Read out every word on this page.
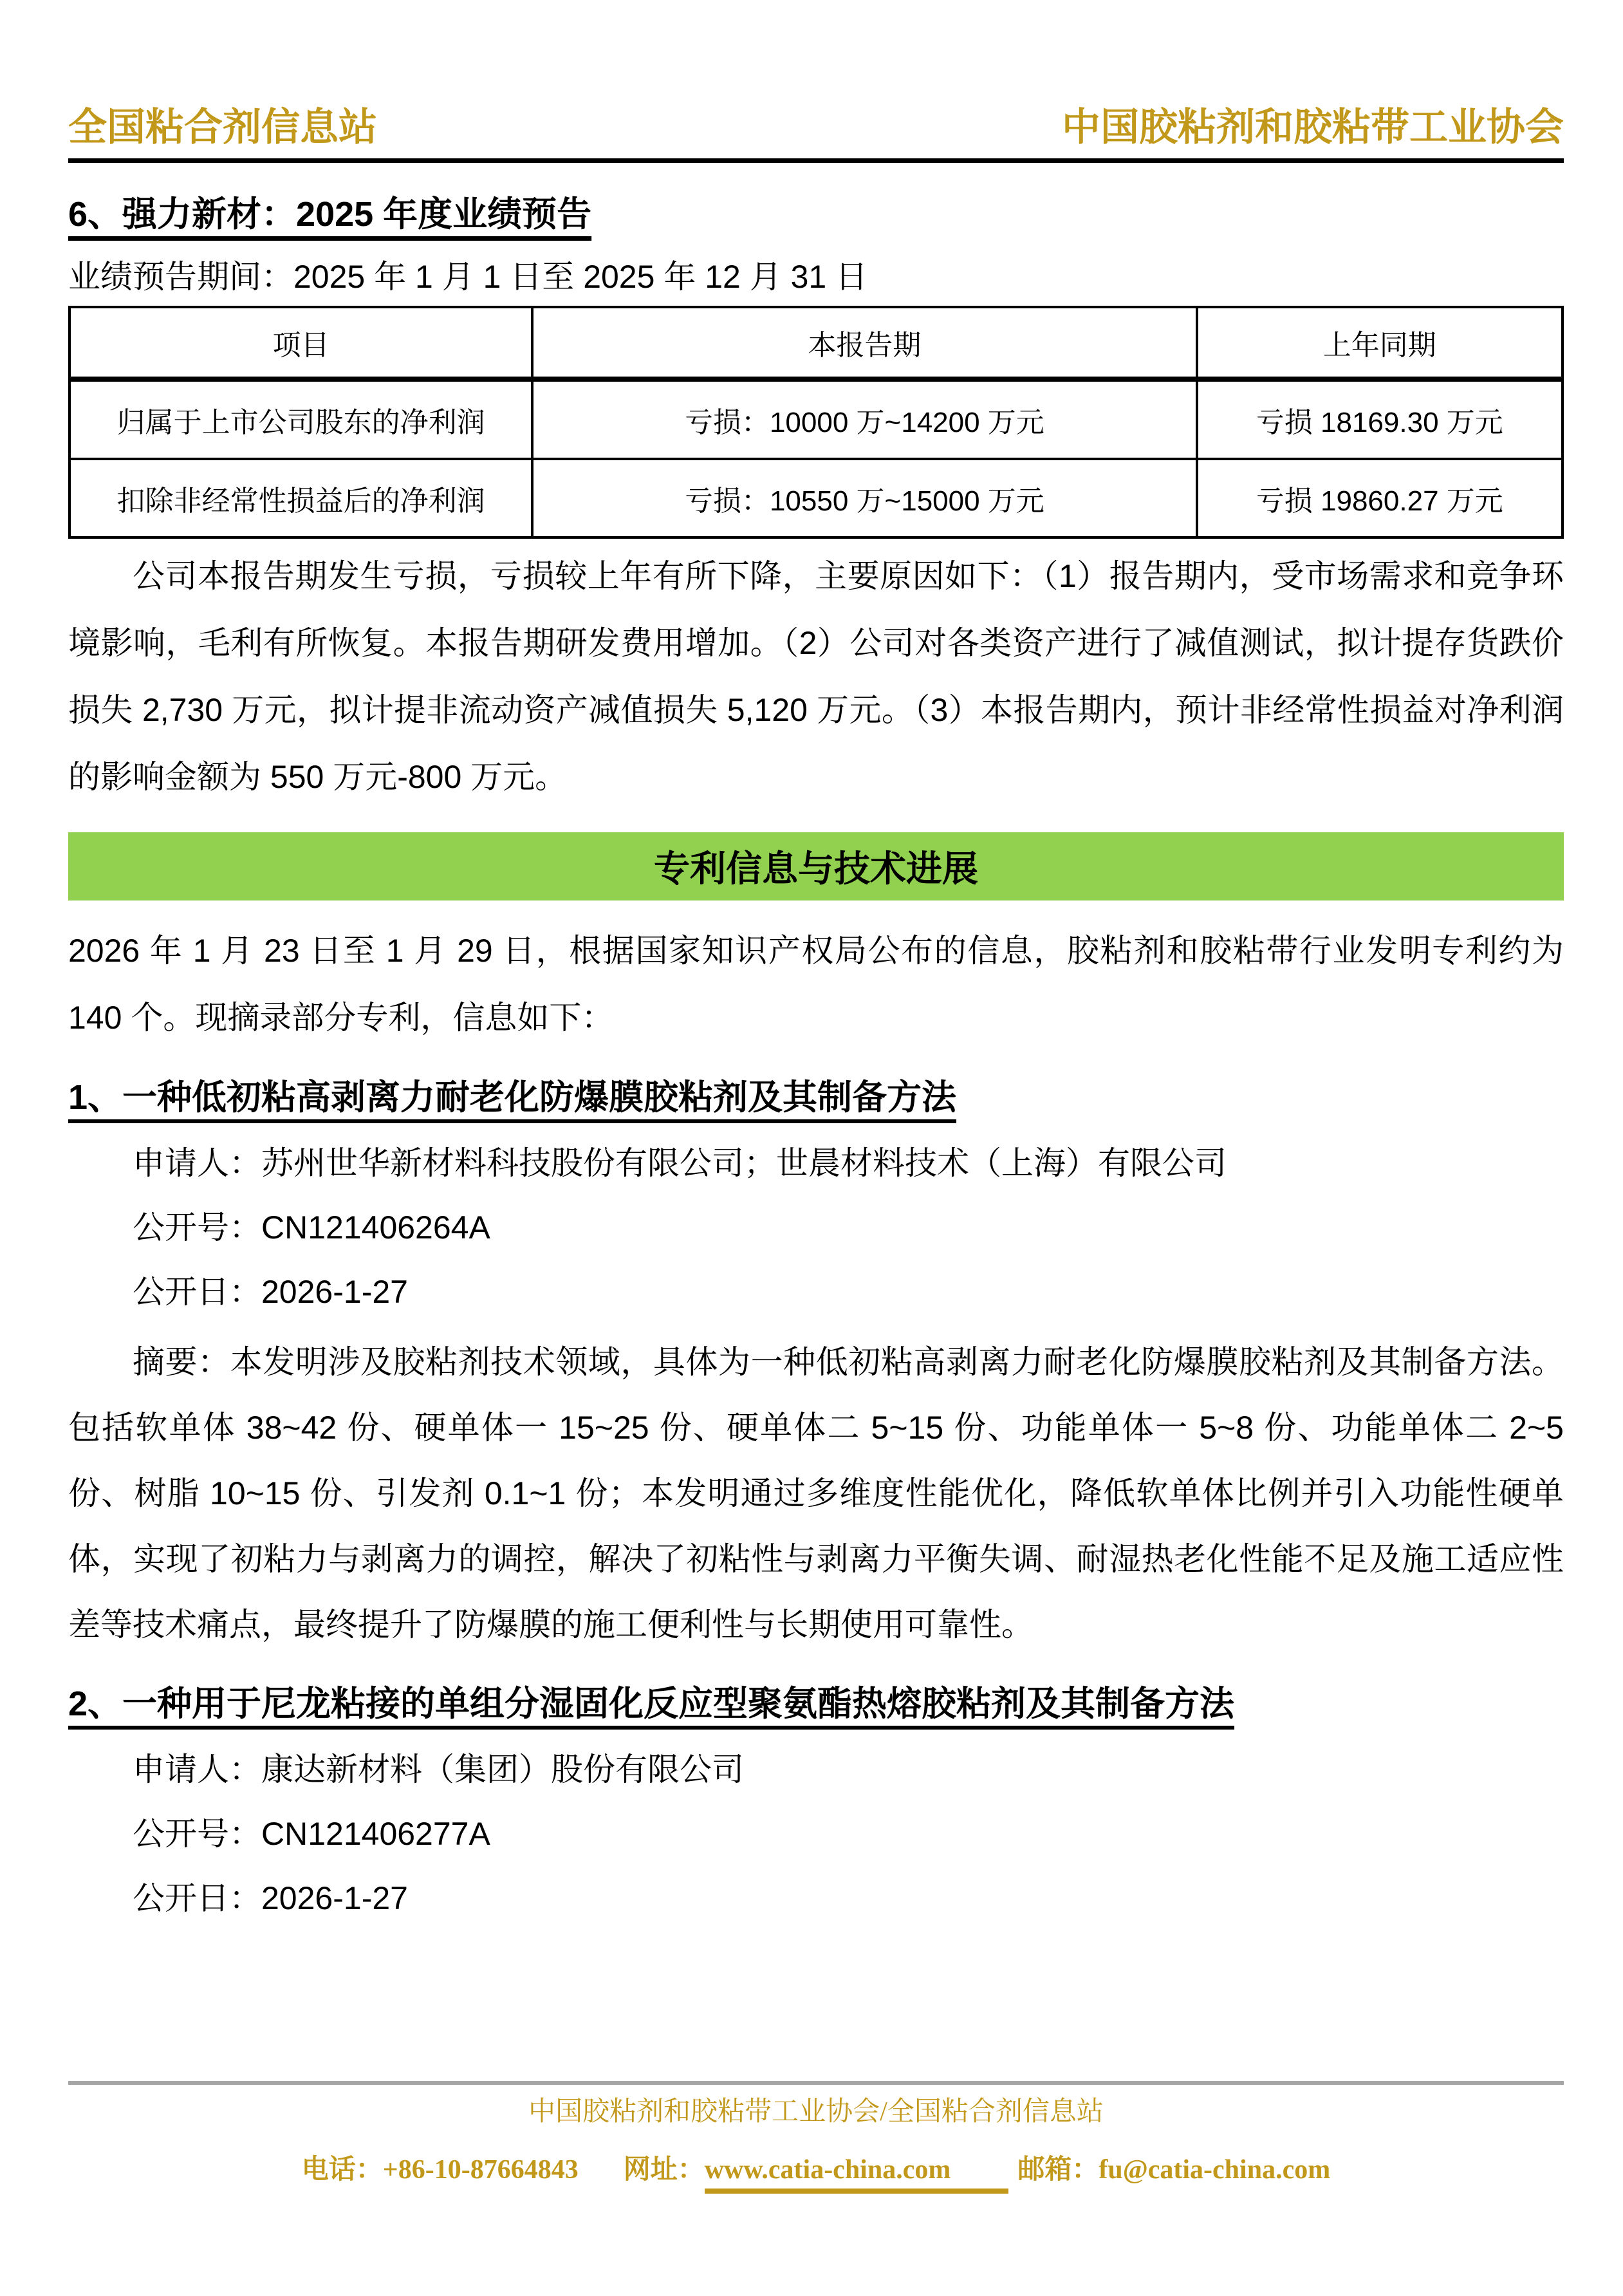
全国粘合剂信息站	中国胶粘剂和胶粘带工业协会
6、强力新材：2025 年度业绩预告
业绩预告期间：2025 年 1 月 1 日至 2025 年 12 月 31 日
项目	本报告期	上年同期
归属于上市公司股东的净利润	亏损：10000 万~14200 万元	亏损 18169.30 万元
扣除非经常性损益后的净利润	亏损：10550 万~15000 万元	亏损 19860.27 万元
公司本报告期发生亏损，亏损较上年有所下降，主要原因如下：（1）报告期内，受市场需求和竞争环境影响，毛利有所恢复。本报告期研发费用增加。（2）公司对各类资产进行了减值测试，拟计提存货跌价损失 2,730 万元，拟计提非流动资产减值损失 5,120 万元。（3）本报告期内，预计非经常性损益对净利润的影响金额为 550 万元-800 万元。
专利信息与技术进展
2026 年 1 月 23 日至 1 月 29 日，根据国家知识产权局公布的信息，胶粘剂和胶粘带行业发明专利约为 140 个。现摘录部分专利，信息如下：
1、一种低初粘高剥离力耐老化防爆膜胶粘剂及其制备方法
申请人：苏州世华新材料科技股份有限公司；世晨材料技术（上海）有限公司
公开号：CN121406264A
公开日：2026-1-27
摘要：本发明涉及胶粘剂技术领域，具体为一种低初粘高剥离力耐老化防爆膜胶粘剂及其制备方法。包括软单体 38~42 份、硬单体一 15~25 份、硬单体二 5~15 份、功能单体一 5~8 份、功能单体二 2~5 份、树脂 10~15 份、引发剂 0.1~1 份；本发明通过多维度性能优化，降低软单体比例并引入功能性硬单体，实现了初粘力与剥离力的调控，解决了初粘性与剥离力平衡失调、耐湿热老化性能不足及施工适应性差等技术痛点，最终提升了防爆膜的施工便利性与长期使用可靠性。
2、一种用于尼龙粘接的单组分湿固化反应型聚氨酯热熔胶粘剂及其制备方法
申请人：康达新材料（集团）股份有限公司
公开号：CN121406277A
公开日：2026-1-27
中国胶粘剂和胶粘带工业协会/全国粘合剂信息站
电话：+86-10-87664843 网址：www.catia-china.com 邮箱：fu@catia-china.com
